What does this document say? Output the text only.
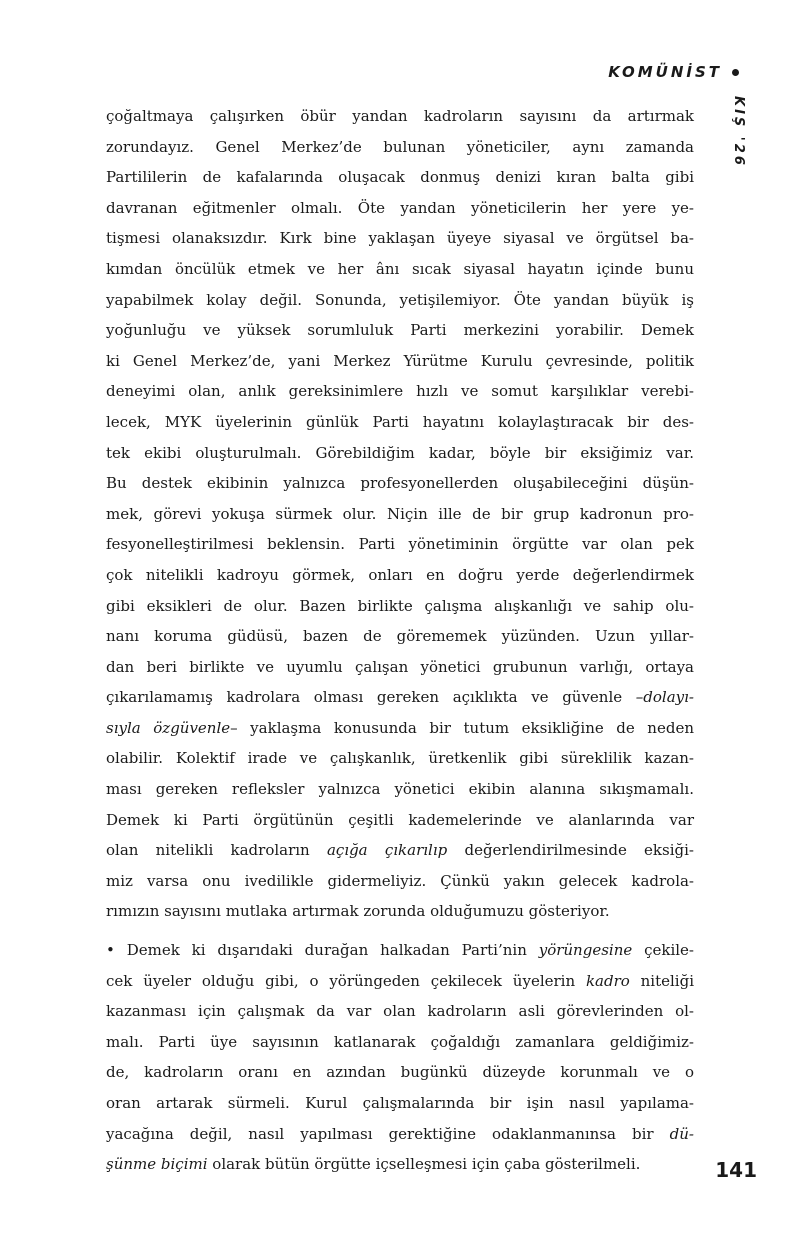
KOMÜNİST
KIŞ '26

çoğaltmaya çalışırken öbür yandan kadroların sayısını da artırmak
zorundayız. Genel Merkez’de bulunan yöneticiler, aynı zamanda
Partililerin de kafalarında oluşacak donmuş denizi kıran balta gibi
davranan eğitmenler olmalı. Öte yandan yöneticilerin her yere ye-
tişmesi olanaksızdır. Kırk bine yaklaşan üyeye siyasal ve örgütsel ba-
kımdan öncülük etmek ve her ânı sıcak siyasal hayatın içinde bunu
yapabilmek kolay değil. Sonunda, yetişilemiyor. Öte yandan büyük iş
yoğunluğu ve yüksek sorumluluk Parti merkezini yorabilir. Demek
ki Genel Merkez’de, yani Merkez Yürütme Kurulu çevresinde, politik
deneyimi olan, anlık gereksinimlere hızlı ve somut karşılıklar verebi-
lecek, MYK üyelerinin günlük Parti hayatını kolaylaştıracak bir des-
tek ekibi oluşturulmalı. Görebildiğim kadar, böyle bir eksiğimiz var.
Bu destek ekibinin yalnızca profesyonellerden oluşabileceğini düşün-
mek, görevi yokuşa sürmek olur. Niçin ille de bir grup kadronun pro-
fesyonelleştirilmesi beklensin. Parti yönetiminin örgütte var olan pek
çok nitelikli kadroyu görmek, onları en doğru yerde değerlendirmek
gibi eksikleri de olur. Bazen birlikte çalışma alışkanlığı ve sahip olu-
nanı koruma güdüsü, bazen de görememek yüzünden. Uzun yıllar-
dan beri birlikte ve uyumlu çalışan yönetici grubunun varlığı, ortaya
çıkarılamamış kadrolara olması gereken açıklıkta ve güvenle –dolayı-
sıyla özgüvenle– yaklaşma konusunda bir tutum eksikliğine de neden
olabilir. Kolektif irade ve çalışkanlık, üretkenlik gibi süreklilik kazan-
ması gereken refleksler yalnızca yönetici ekibin alanına sıkışmamalı.
Demek ki Parti örgütünün çeşitli kademelerinde ve alanlarında var
olan nitelikli kadroların açığa çıkarılıp değerlendirilmesinde eksiği-
miz varsa onu ivedilikle gidermeliyiz. Çünkü yakın gelecek kadrola-
rımızın sayısını mutlaka artırmak zorunda olduğumuzu gösteriyor.

• Demek ki dışarıdaki durağan halkadan Parti’nin yörüngesine çekile-
cek üyeler olduğu gibi, o yörüngeden çekilecek üyelerin kadro niteliği
kazanması için çalışmak da var olan kadroların asli görevlerinden ol-
malı. Parti üye sayısının katlanarak çoğaldığı zamanlara geldiğimiz-
de, kadroların oranı en azından bugünkü düzeyde korunmalı ve o
oran artarak sürmeli. Kurul çalışmalarında bir işin nasıl yapılama-
yacağına değil, nasıl yapılması gerektiğine odaklanmanınsa bir dü-
şünme biçimi olarak bütün örgütte içselleşmesi için çaba gösterilmeli.	141
